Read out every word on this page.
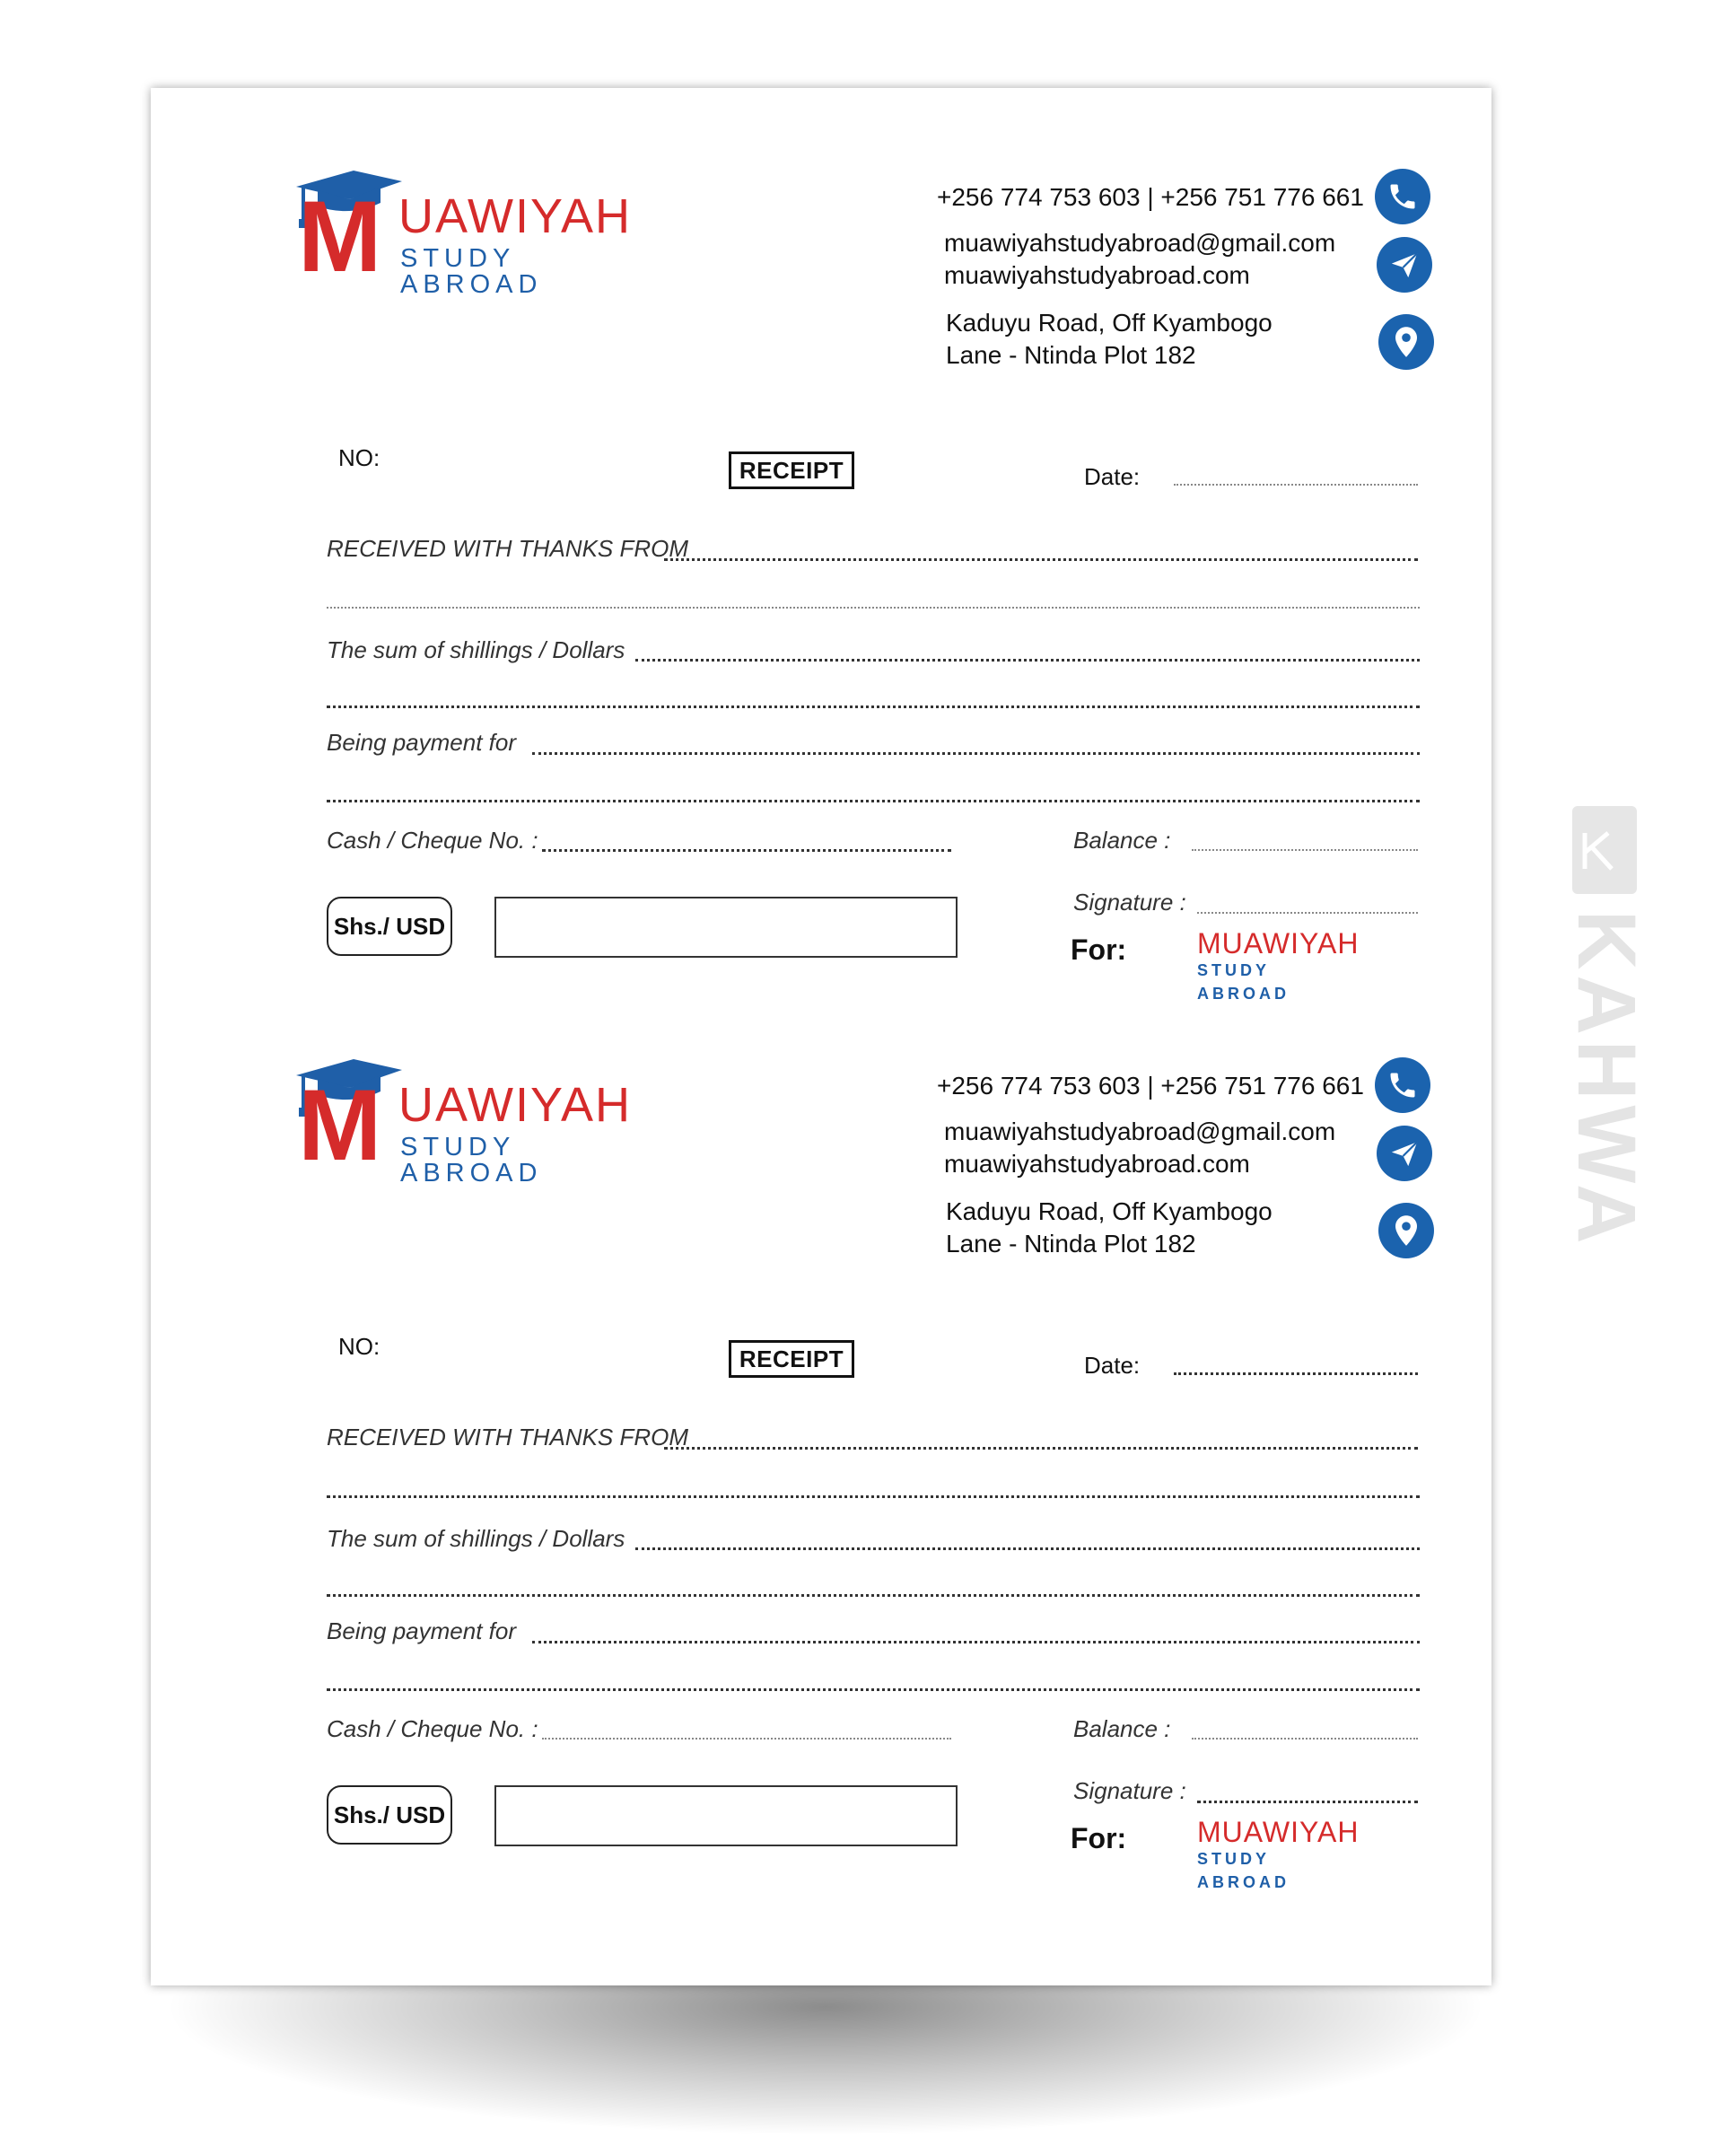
M UAWIYAH
STUDY ABROAD
+256 774 753 603 | +256 751 776 661
muawiyahstudyabroad@gmail.com
muawiyahstudyabroad.com
Kaduyu Road, Off Kyambogo
Lane - Ntinda Plot 182
NO:	RECEIPT	Date:
RECEIVED WITH THANKS FROM
The sum of shillings / Dollars
Being payment for
Cash / Cheque No. :	Balance :
Shs./ USD
Signature :
For: MUAWIYAH
STUDY ABROAD
M UAWIYAH
STUDY ABROAD
+256 774 753 603 | +256 751 776 661
muawiyahstudyabroad@gmail.com
muawiyahstudyabroad.com
Kaduyu Road, Off Kyambogo
Lane - Ntinda Plot 182
NO:	RECEIPT	Date:
RECEIVED WITH THANKS FROM
The sum of shillings / Dollars
Being payment for
Cash / Cheque No. :	Balance :
Shs./ USD
Signature :
For: MUAWIYAH
STUDY ABROAD
KAHWA
